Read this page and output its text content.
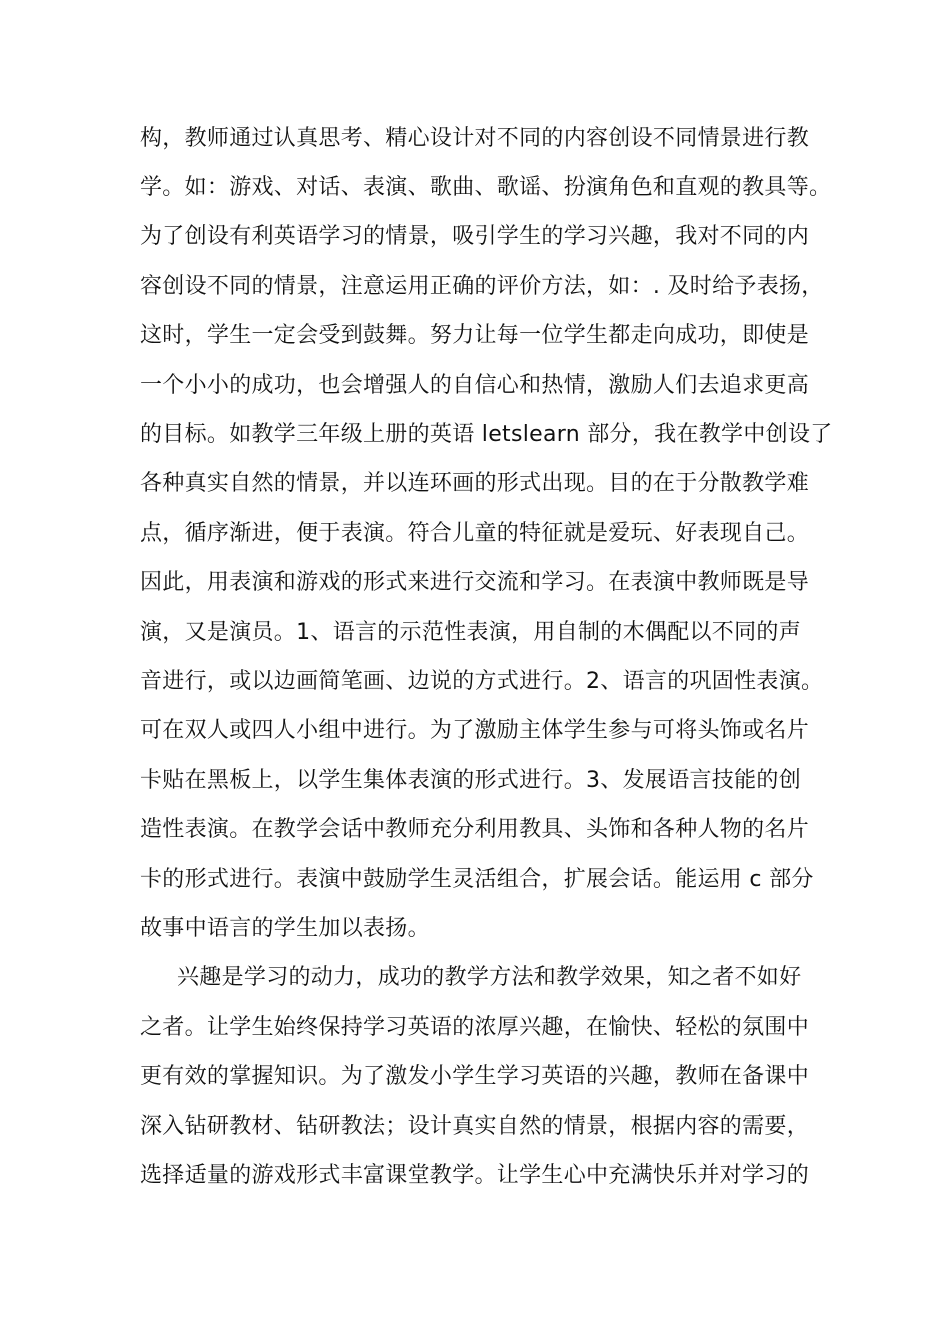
构，教师通过认真思考、精心设计对不同的内容创设不同情景进行教
学。如：游戏、对话、表演、歌曲、歌谣、扮演角色和直观的教具等。
为了创设有利英语学习的情景，吸引学生的学习兴趣，我对不同的内
容创设不同的情景，注意运用正确的评价方法，如：. 及时给予表扬，
这时，学生一定会受到鼓舞。努力让每一位学生都走向成功，即使是
一个小小的成功，也会增强人的自信心和热情，激励人们去追求更高
的目标。如教学三年级上册的英语 letslearn 部分，我在教学中创设了
各种真实自然的情景，并以连环画的形式出现。目的在于分散教学难
点，循序渐进，便于表演。符合儿童的特征就是爱玩、好表现自己。
因此，用表演和游戏的形式来进行交流和学习。在表演中教师既是导
演，又是演员。1、语言的示范性表演，用自制的木偶配以不同的声
音进行，或以边画简笔画、边说的方式进行。2、语言的巩固性表演。
可在双人或四人小组中进行。为了激励主体学生参与可将头饰或名片
卡贴在黑板上，以学生集体表演的形式进行。3、发展语言技能的创
造性表演。在教学会话中教师充分利用教具、头饰和各种人物的名片
卡的形式进行。表演中鼓励学生灵活组合，扩展会话。能运用 c 部分
故事中语言的学生加以表扬。
兴趣是学习的动力，成功的教学方法和教学效果，知之者不如好
之者。让学生始终保持学习英语的浓厚兴趣，在愉快、轻松的氛围中
更有效的掌握知识。为了激发小学生学习英语的兴趣，教师在备课中
深入钻研教材、钻研教法；设计真实自然的情景，根据内容的需要，
选择适量的游戏形式丰富课堂教学。让学生心中充满快乐并对学习的
